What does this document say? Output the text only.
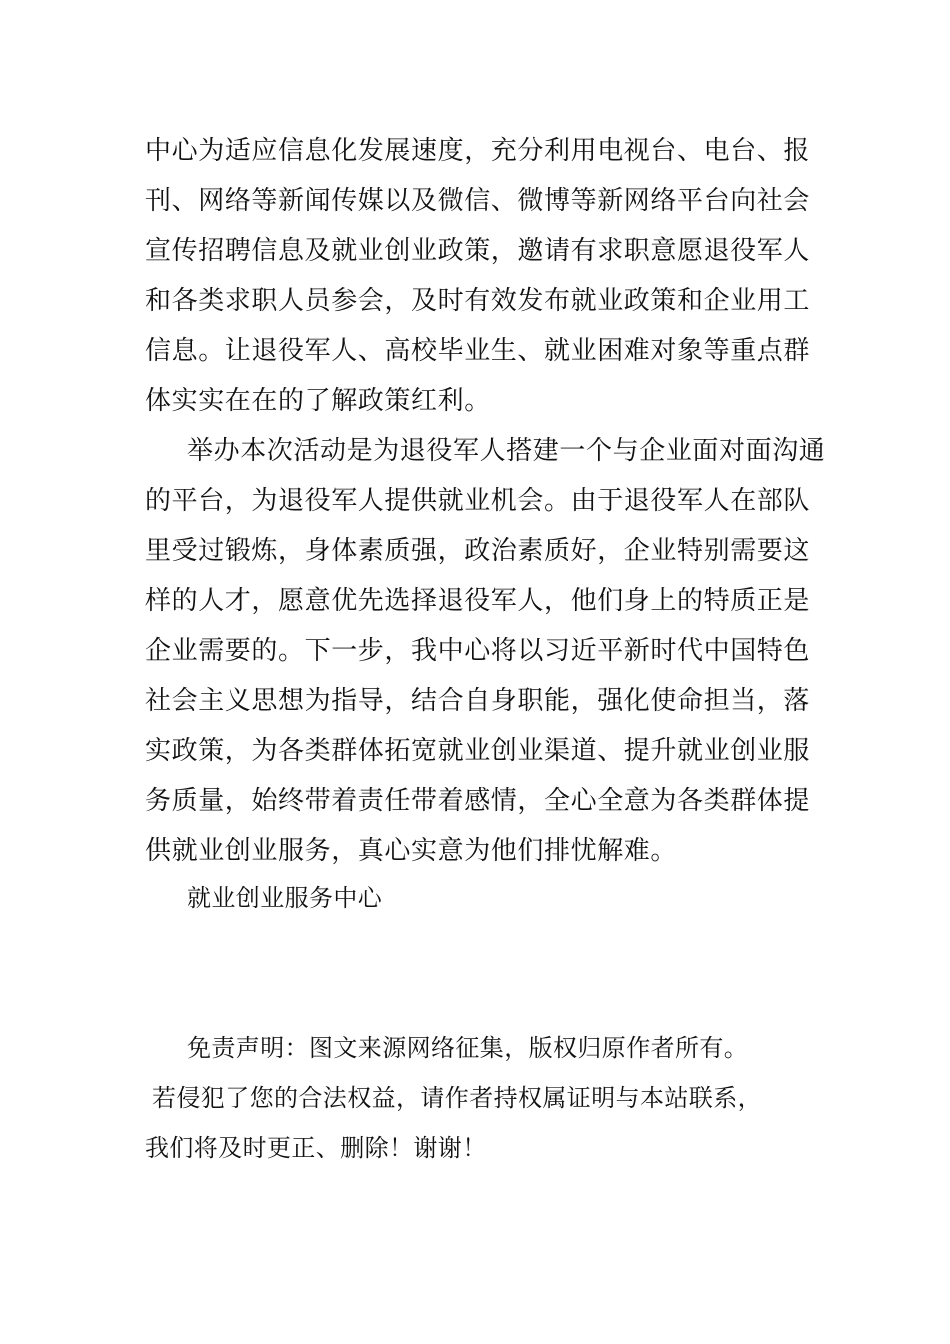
中心为适应信息化发展速度，充分利用电视台、电台、报
刊、网络等新闻传媒以及微信、微博等新网络平台向社会
宣传招聘信息及就业创业政策，邀请有求职意愿退役军人
和各类求职人员参会，及时有效发布就业政策和企业用工
信息。让退役军人、高校毕业生、就业困难对象等重点群
体实实在在的了解政策红利。
举办本次活动是为退役军人搭建一个与企业面对面沟通
的平台，为退役军人提供就业机会。由于退役军人在部队
里受过锻炼，身体素质强，政治素质好，企业特别需要这
样的人才，愿意优先选择退役军人，他们身上的特质正是
企业需要的。下一步，我中心将以习近平新时代中国特色
社会主义思想为指导，结合自身职能，强化使命担当，落
实政策，为各类群体拓宽就业创业渠道、提升就业创业服
务质量，始终带着责任带着感情，全心全意为各类群体提
供就业创业服务，真心实意为他们排忧解难。
就业创业服务中心
免责声明：图文来源网络征集，版权归原作者所有。
若侵犯了您的合法权益，请作者持权属证明与本站联系，
我们将及时更正、删除！谢谢！
